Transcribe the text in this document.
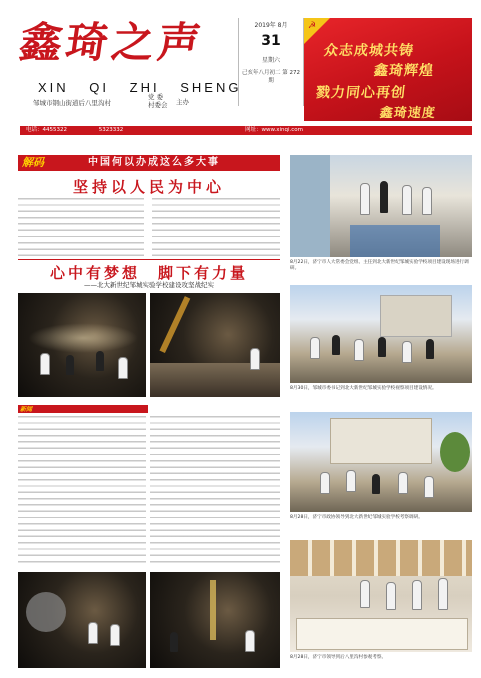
鑫琦之声
XIN QI ZHI SHENG
邹城市钢山街道后八里沟村
党 委
村委会 主办
2019年 8月
31
星期六
己亥年八月初二 第 272 期
☭
众志成城共铸
鑫琦辉煌
戮力同心再创
鑫琦速度
电话：4455322	5323332	网址：www.xinqi.com
解码	中国何以办成这么多大事
坚持以人民为中心
心中有梦想　脚下有力量
——北大新世纪邹城实验学校建设攻坚战纪实
新闻
8月22日，济宁市人大常委会党组、主任到北大新世纪邹城实验学校项目建设现场进行调研。
8月30日，邹城市委书记到北大新世纪邹城实验学校视察项目建设情况。
8月28日，济宁市政协领导到北大新世纪邹城实验学校考察调研。
8月28日，济宁市领导到后八里沟村参观考察。
